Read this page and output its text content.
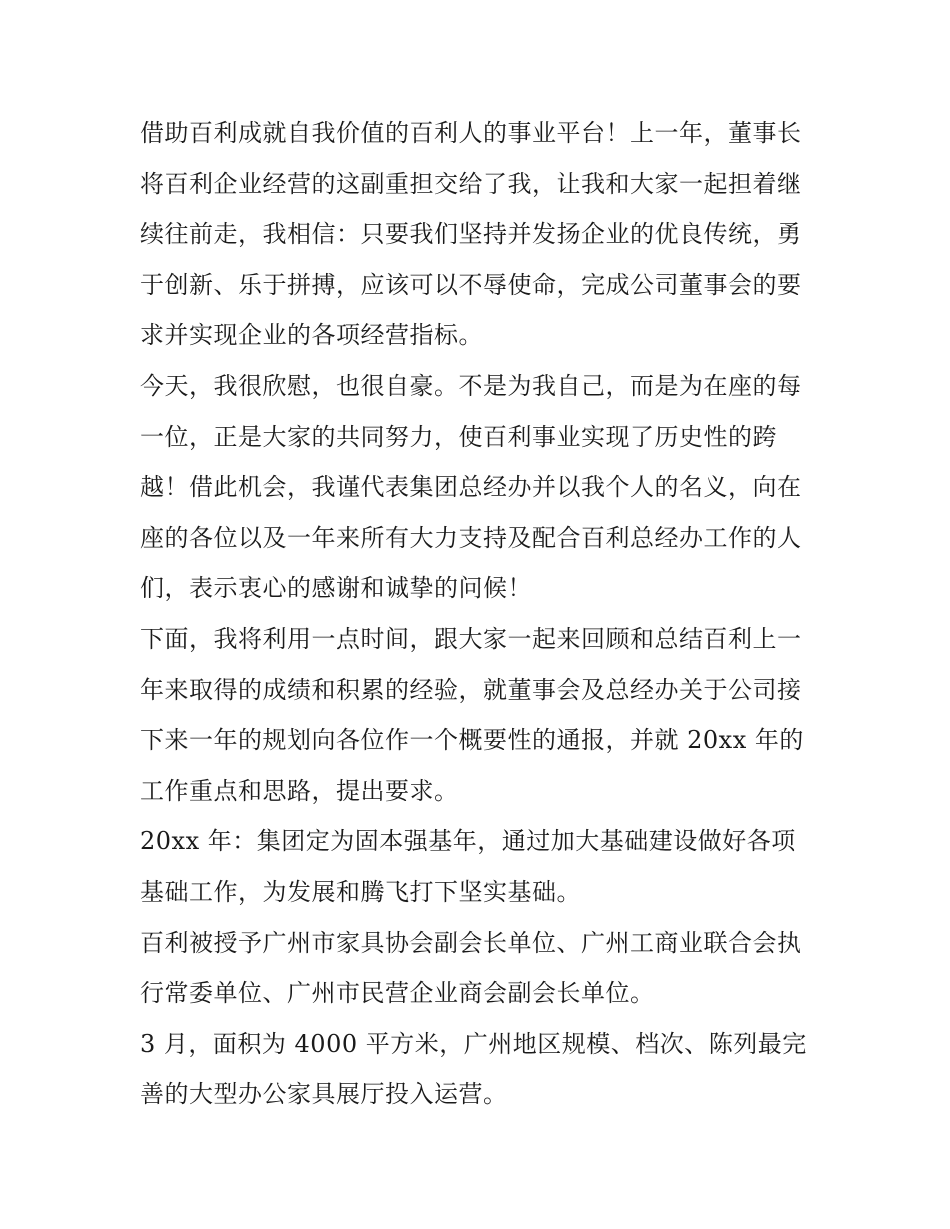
借助百利成就自我价值的百利人的事业平台！上一年，董事长
将百利企业经营的这副重担交给了我，让我和大家一起担着继
续往前走，我相信：只要我们坚持并发扬企业的优良传统，勇
于创新、乐于拼搏，应该可以不辱使命，完成公司董事会的要
求并实现企业的各项经营指标。
今天，我很欣慰，也很自豪。不是为我自己，而是为在座的每
一位，正是大家的共同努力，使百利事业实现了历史性的跨
越！借此机会，我谨代表集团总经办并以我个人的名义，向在
座的各位以及一年来所有大力支持及配合百利总经办工作的人
们，表示衷心的感谢和诚挚的问候！
下面，我将利用一点时间，跟大家一起来回顾和总结百利上一
年来取得的成绩和积累的经验，就董事会及总经办关于公司接
下来一年的规划向各位作一个概要性的通报，并就 20xx 年的
工作重点和思路，提出要求。
20xx 年：集团定为固本强基年，通过加大基础建设做好各项
基础工作，为发展和腾飞打下坚实基础。
百利被授予广州市家具协会副会长单位、广州工商业联合会执
行常委单位、广州市民营企业商会副会长单位。
3 月，面积为 4000 平方米，广州地区规模、档次、陈列最完
善的大型办公家具展厅投入运营。
